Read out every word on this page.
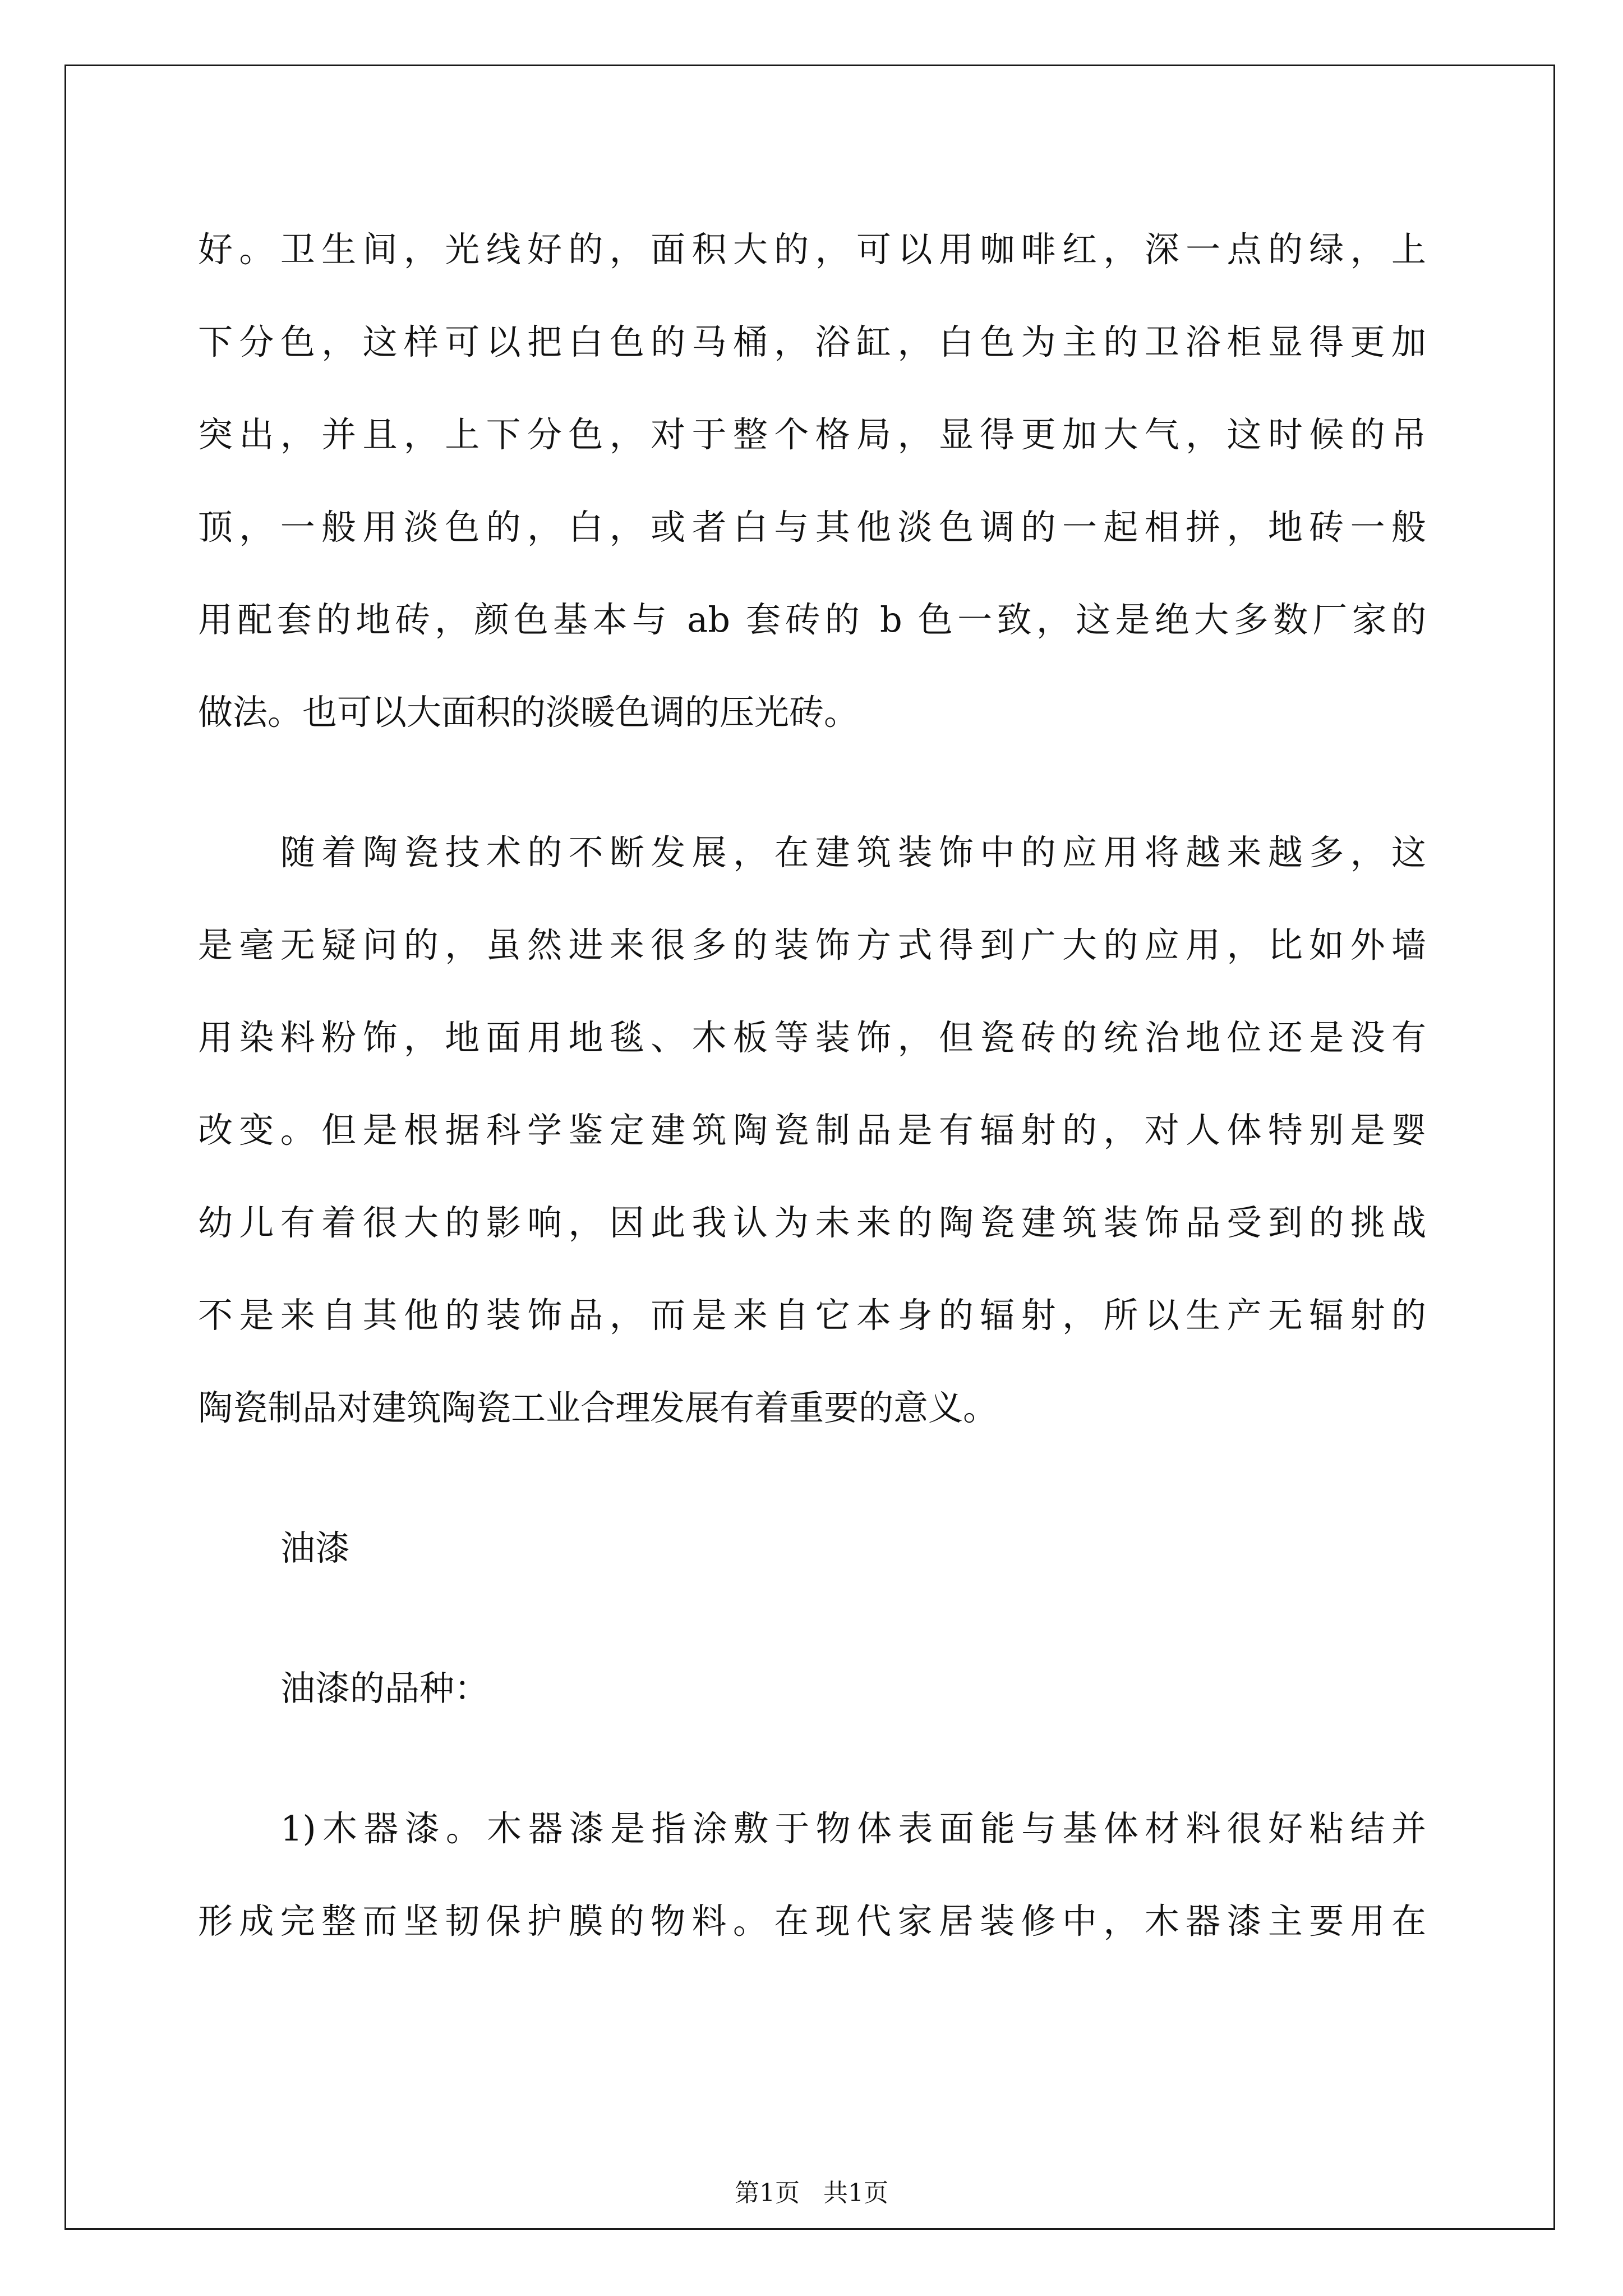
好。卫生间，光线好的，面积大的，可以用咖啡红，深一点的绿，上

下分色，这样可以把白色的马桶，浴缸，白色为主的卫浴柜显得更加

突出，并且，上下分色，对于整个格局，显得更加大气，这时候的吊

顶，一般用淡色的，白，或者白与其他淡色调的一起相拼，地砖一般

用配套的地砖，颜色基本与 ab 套砖的 b 色一致，这是绝大多数厂家的

做法。也可以大面积的淡暖色调的压光砖。

随着陶瓷技术的不断发展，在建筑装饰中的应用将越来越多，这

是毫无疑问的，虽然进来很多的装饰方式得到广大的应用，比如外墙

用染料粉饰，地面用地毯、木板等装饰，但瓷砖的统治地位还是没有

改变。但是根据科学鉴定建筑陶瓷制品是有辐射的，对人体特别是婴

幼儿有着很大的影响，因此我认为未来的陶瓷建筑装饰品受到的挑战

不是来自其他的装饰品，而是来自它本身的辐射，所以生产无辐射的

陶瓷制品对建筑陶瓷工业合理发展有着重要的意义。

油漆

油漆的品种：

1)木器漆。木器漆是指涂敷于物体表面能与基体材料很好粘结并

形成完整而坚韧保护膜的物料。在现代家居装修中，木器漆主要用在

第1页   共1页
